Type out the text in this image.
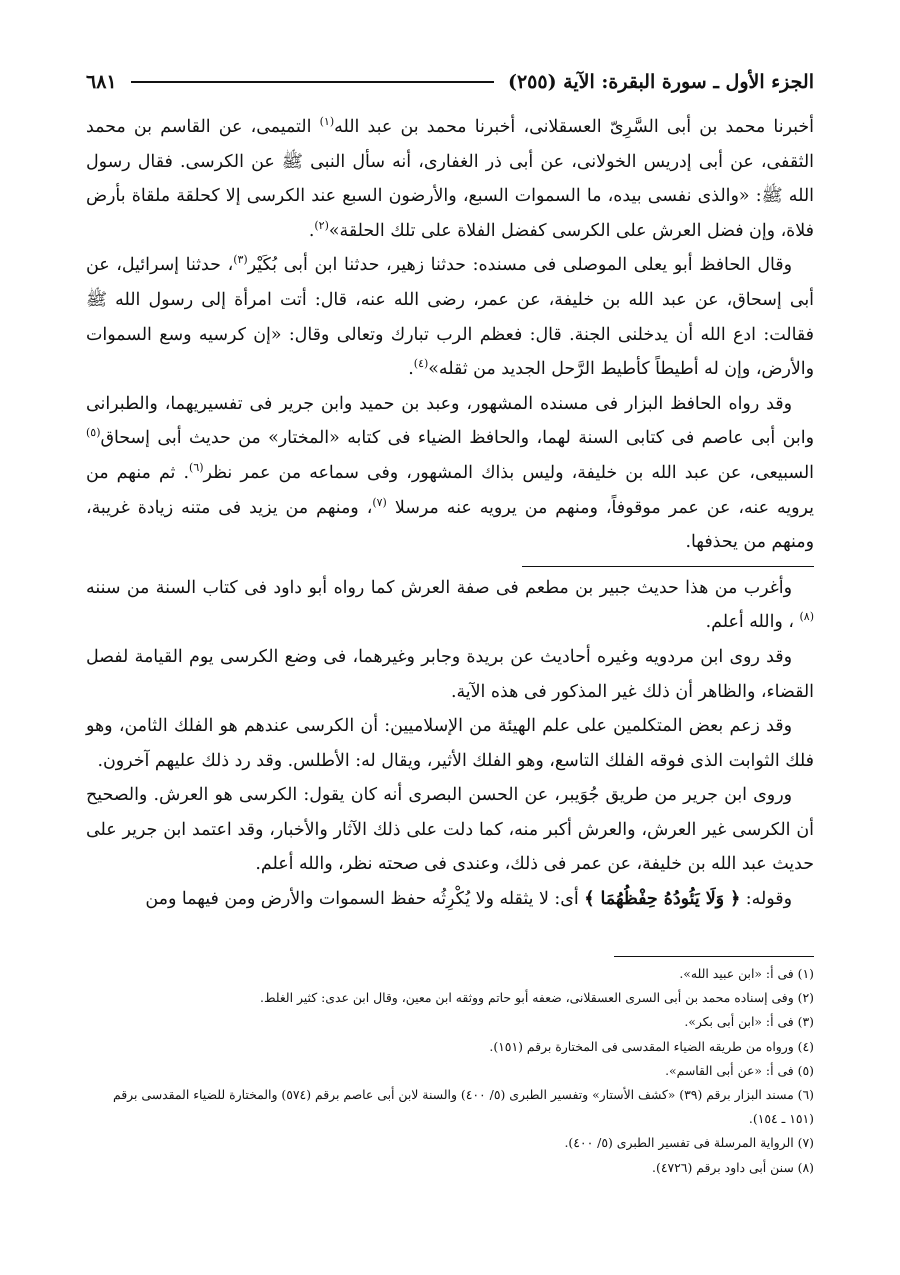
الجزء الأول ـ سورة البقرة: الآية (٢٥٥)
٦٨١

أخبرنا محمد بن أبى السَّرِىّ العسقلانى، أخبرنا محمد بن عبد الله$^{(١)}$ التميمى، عن القاسم بن محمد الثقفى، عن أبى إدريس الخولانى، عن أبى ذر الغفارى، أنه سأل النبى ﷺ عن الكرسى. فقال رسول الله ﷺ: «والذى نفسى بيده، ما السموات السبع، والأرضون السبع عند الكرسى إلا كحلقة ملقاة بأرض فلاة، وإن فضل العرش على الكرسى كفضل الفلاة على تلك الحلقة»$^{(٢)}$.

وقال الحافظ أبو يعلى الموصلى فى مسنده: حدثنا زهير، حدثنا ابن أبى بُكَيْر$^{(٣)}$، حدثنا إسرائيل، عن أبى إسحاق، عن عبد الله بن خليفة، عن عمر، رضى الله عنه، قال: أتت امرأة إلى رسول الله ﷺ فقالت: ادع الله أن يدخلنى الجنة. قال: فعظم الرب تبارك وتعالى وقال: «إن كرسيه وسع السموات والأرض، وإن له أطيطاً كأطيط الرَّحل الجديد من ثقله»$^{(٤)}$.

وقد رواه الحافظ البزار فى مسنده المشهور، وعبد بن حميد وابن جرير فى تفسيريهما، والطبرانى وابن أبى عاصم فى كتابى السنة لهما، والحافظ الضياء فى كتابه «المختار» من حديث أبى إسحاق$^{(٥)}$ السبيعى، عن عبد الله بن خليفة، وليس بذاك المشهور، وفى سماعه من عمر نظر$^{(٦)}$. ثم منهم من يرويه عنه، عن عمر موقوفاً، ومنهم من يرويه عنه مرسلا $^{(٧)}$، ومنهم من يزيد فى متنه زيادة غريبة، ومنهم من يحذفها.

وأغرب من هذا حديث جبير بن مطعم فى صفة العرش كما رواه أبو داود فى كتاب السنة من سننه $^{(٨)}$ ، والله أعلم.

وقد روى ابن مردويه وغيره أحاديث عن بريدة وجابر وغيرهما، فى وضع الكرسى يوم القيامة لفصل القضاء، والظاهر أن ذلك غير المذكور فى هذه الآية.

وقد زعم بعض المتكلمين على علم الهيئة من الإسلاميين: أن الكرسى عندهم هو الفلك الثامن، وهو فلك الثوابت الذى فوقه الفلك التاسع، وهو الفلك الأثير، ويقال له: الأطلس. وقد رد ذلك عليهم آخرون.

وروى ابن جرير من طريق جُوَيبر، عن الحسن البصرى أنه كان يقول: الكرسى هو العرش. والصحيح أن الكرسى غير العرش، والعرش أكبر منه، كما دلت على ذلك الآثار والأخبار، وقد اعتمد ابن جرير على حديث عبد الله بن خليفة، عن عمر فى ذلك، وعندى فى صحته نظر، والله أعلم.

وقوله: ﴿ وَلَا يَئُودُهُ حِفْظُهُمَا ﴾ أى: لا يثقله ولا يُكْرِثُه حفظ السموات والأرض ومن فيهما ومن

(١) فى أ: «ابن عبيد الله».

(٢) وفى إسناده محمد بن أبى السرى العسقلانى، ضعفه أبو حاتم ووثقه ابن معين، وقال ابن عدى: كثير الغلط.

(٣) فى أ: «ابن أبى بكر».

(٤) ورواه من طريقه الضياء المقدسى فى المختارة برقم (١٥١).

(٥) فى أ: «عن أبى القاسم».

(٦) مسند البزار برقم (٣٩) «كشف الأستار» وتفسير الطبرى (٥/ ٤٠٠) والسنة لابن أبى عاصم برقم (٥٧٤) والمختارة للضياء المقدسى برقم (١٥١ ـ ١٥٤).

(٧) الرواية المرسلة فى تفسير الطبرى (٥/ ٤٠٠).

(٨) سنن أبى داود برقم (٤٧٢٦).
